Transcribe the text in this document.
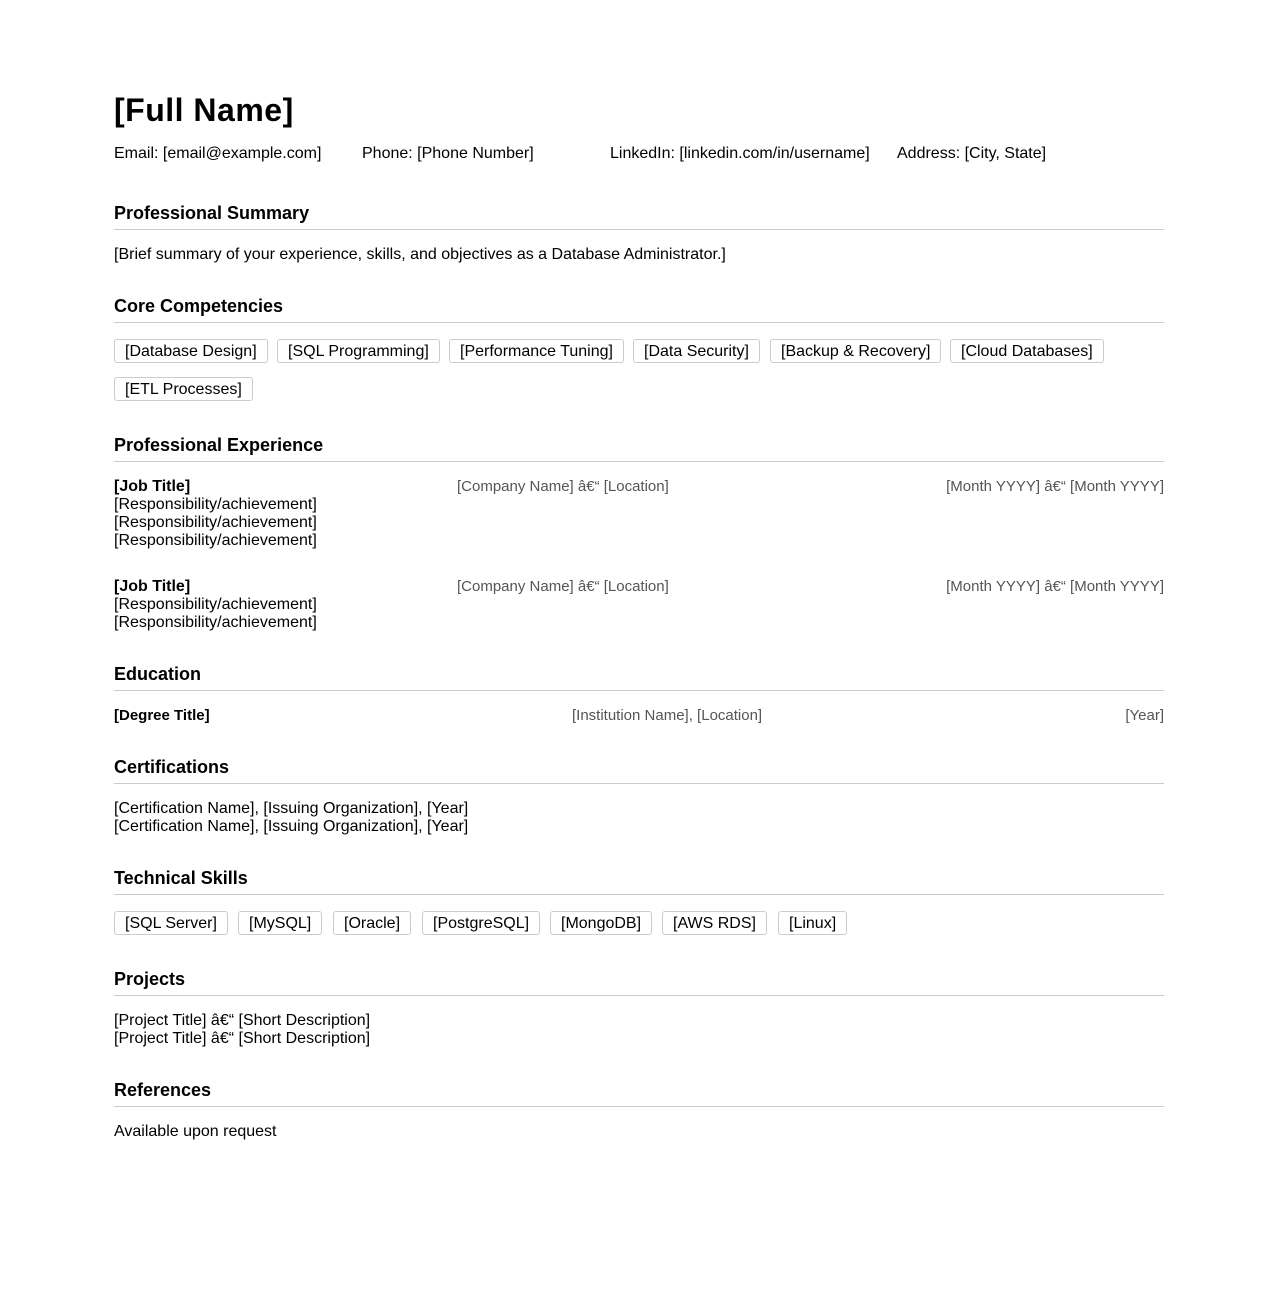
[Full Name]
Email: [email@example.com]	Phone: [Phone Number]	LinkedIn: [linkedin.com/in/username] Address: [City, State]
Professional Summary
[Brief summary of your experience, skills, and objectives as a Database Administrator.]
Core Competencies
[Database Design]	[SQL Programming]	[Performance Tuning]	[Data Security]	[Backup & Recovery]	[Cloud Databases]
[ETL Processes]
Professional Experience
[Job Title]	[Company Name] â€“ [Location]	[Month YYYY] â€“ [Month YYYY]
[Responsibility/achievement]
[Responsibility/achievement]
[Responsibility/achievement]
[Job Title]	[Company Name] â€“ [Location]	[Month YYYY] â€“ [Month YYYY]
[Responsibility/achievement]
[Responsibility/achievement]
Education
[Degree Title]	[Institution Name], [Location]	[Year]
Certifications
[Certification Name], [Issuing Organization], [Year]
[Certification Name], [Issuing Organization], [Year]
Technical Skills
[SQL Server]	[MySQL]	[Oracle]	[PostgreSQL]	[MongoDB]	[AWS RDS]	[Linux]
Projects
[Project Title] â€“ [Short Description]
[Project Title] â€“ [Short Description]
References
Available upon request
